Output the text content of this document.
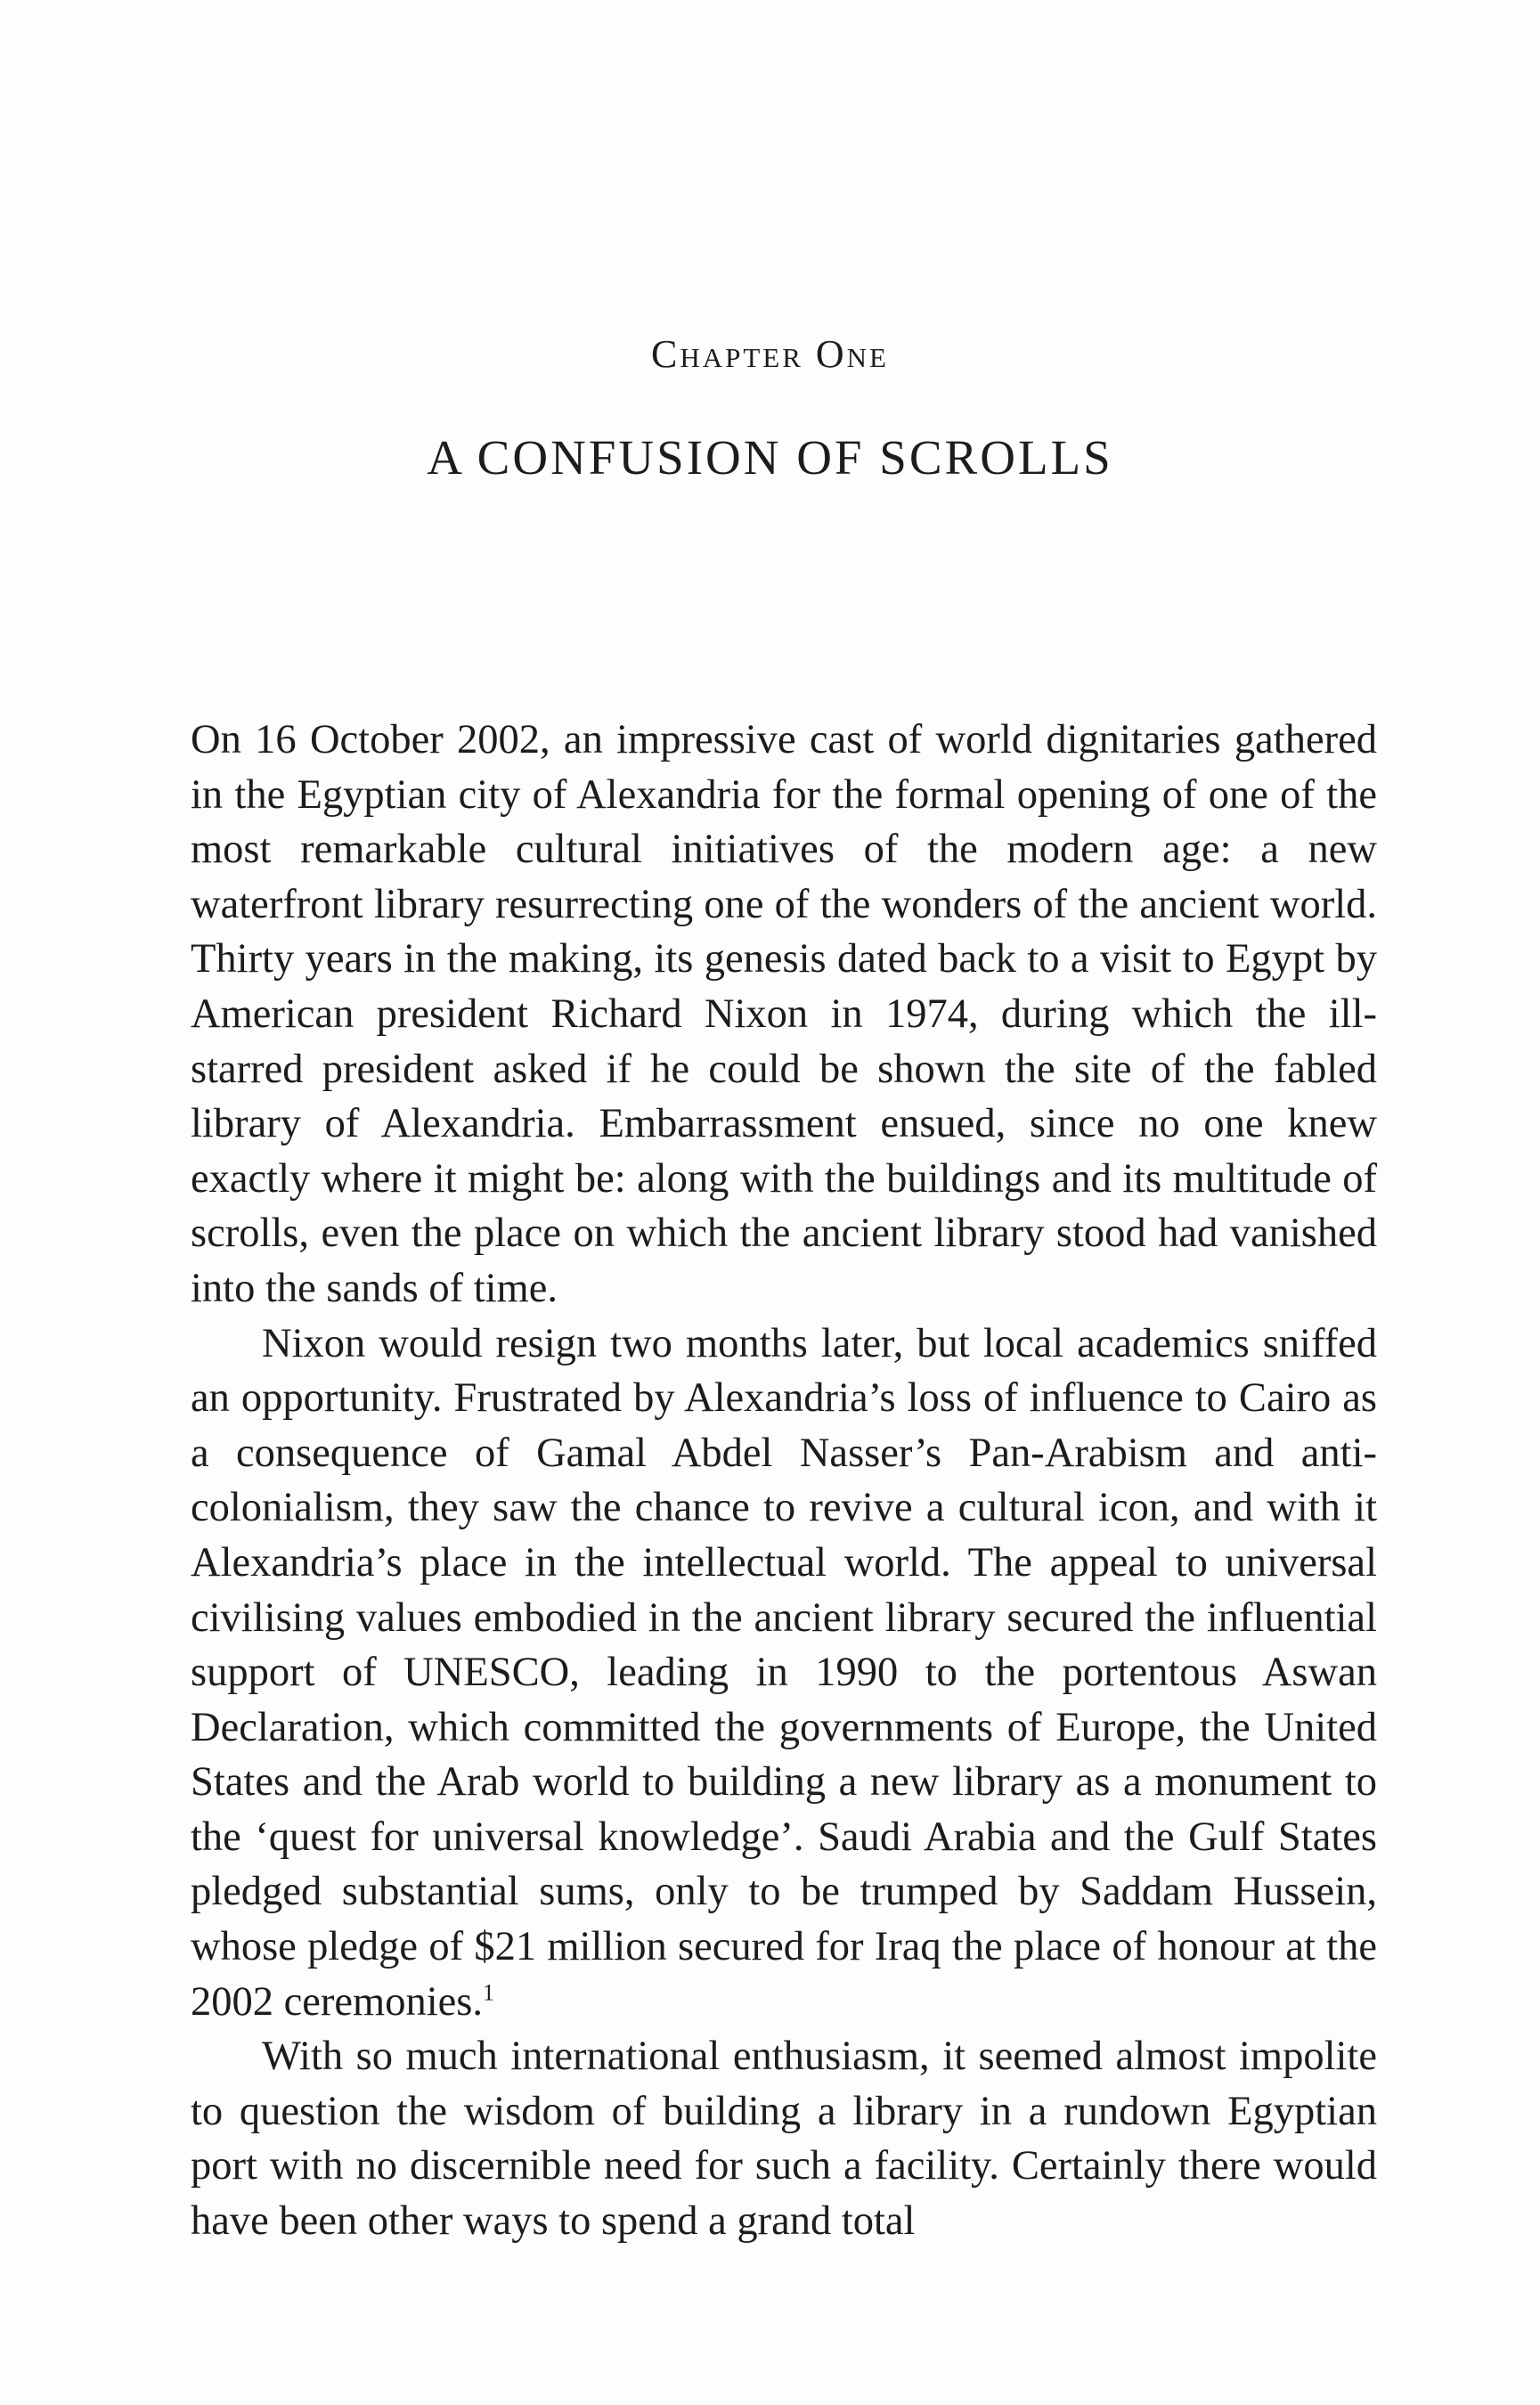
Chapter One
A CONFUSION OF SCROLLS

On 16 October 2002, an impressive cast of world dignitaries gathered in the Egyptian city of Alexandria for the formal opening of one of the most remarkable cultural initiatives of the modern age: a new waterfront library resurrecting one of the wonders of the ancient world. Thirty years in the making, its genesis dated back to a visit to Egypt by American president Richard Nixon in 1974, during which the ill-starred president asked if he could be shown the site of the fabled library of Alexandria. Embarrassment ensued, since no one knew exactly where it might be: along with the buildings and its multitude of scrolls, even the place on which the ancient library stood had vanished into the sands of time.

Nixon would resign two months later, but local academics sniffed an opportunity. Frustrated by Alexandria’s loss of influence to Cairo as a consequence of Gamal Abdel Nasser’s Pan-Arabism and anti-colonialism, they saw the chance to revive a cultural icon, and with it Alexandria’s place in the intellectual world. The appeal to universal civilising values embodied in the ancient library secured the influential support of UNESCO, leading in 1990 to the portentous Aswan Declaration, which committed the governments of Europe, the United States and the Arab world to building a new library as a monument to the ‘quest for universal knowledge’. Saudi Arabia and the Gulf States pledged substantial sums, only to be trumped by Saddam Hussein, whose pledge of $21 million secured for Iraq the place of honour at the 2002 ceremonies.$^1$

With so much international enthusiasm, it seemed almost impolite to question the wisdom of building a library in a rundown Egyptian port with no discernible need for such a facility. Certainly there would have been other ways to spend a grand total
